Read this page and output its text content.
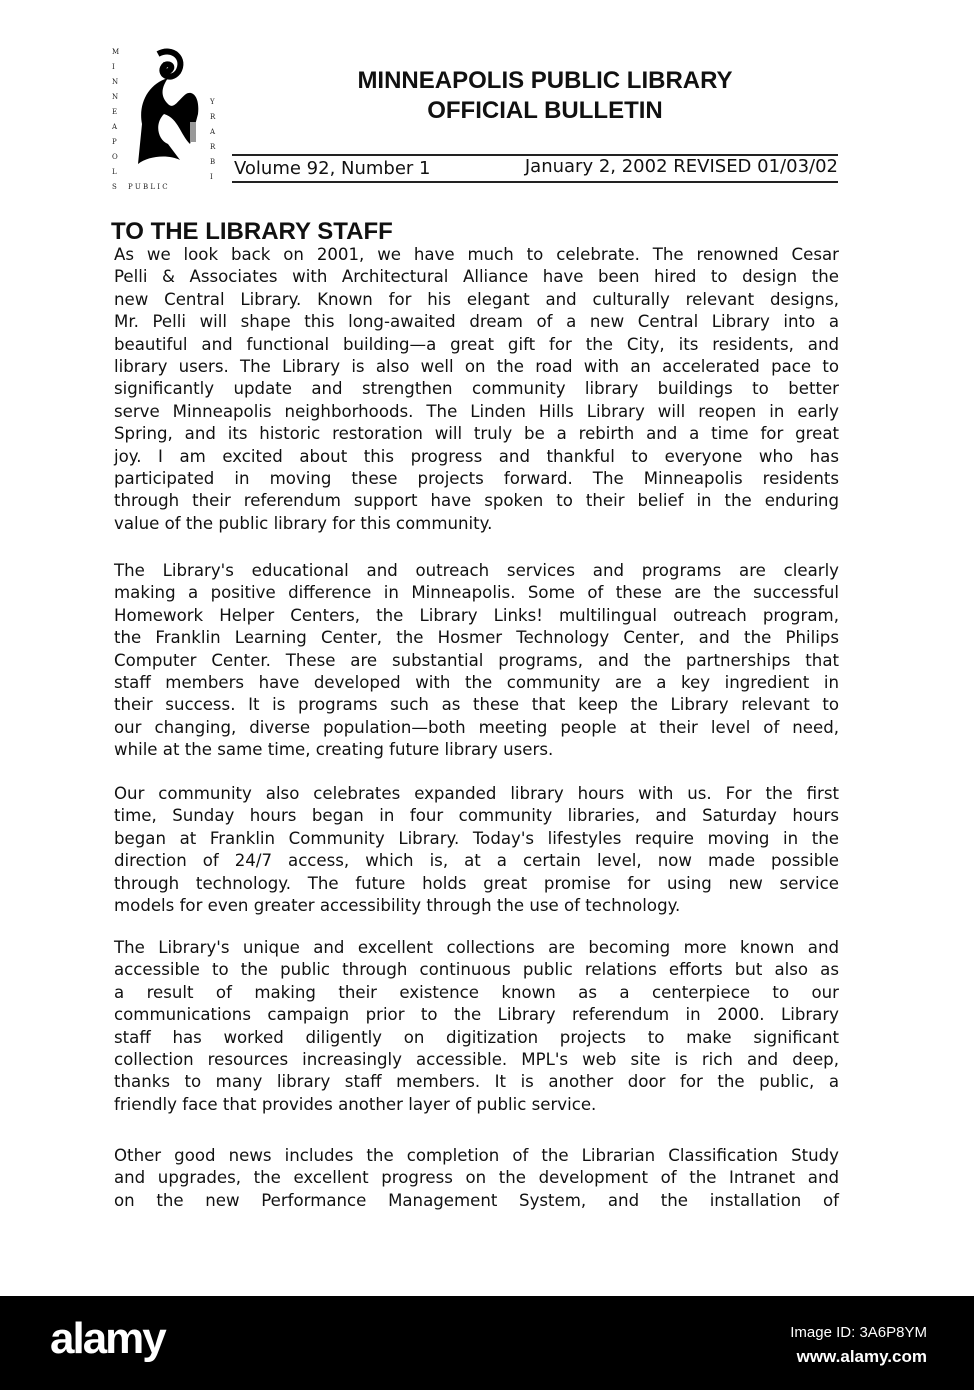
M
I
N
N
E
A
P
O
L
S P U B L I C
Y
R
A
R
B
I
MINNEAPOLIS PUBLIC LIBRARY
OFFICIAL BULLETIN
Volume 92, Number 1	January 2, 2002 REVISED 01/03/02
TO THE LIBRARY STAFF
As we look back on 2001, we have much to celebrate. The renowned Cesar
Pelli & Associates with Architectural Alliance have been hired to design the
new Central Library. Known for his elegant and culturally relevant designs,
Mr. Pelli will shape this long-awaited dream of a new Central Library into a
beautiful and functional building—a great gift for the City, its residents, and
library users. The Library is also well on the road with an accelerated pace to
significantly update and strengthen community library buildings to better
serve Minneapolis neighborhoods. The Linden Hills Library will reopen in early
Spring, and its historic restoration will truly be a rebirth and a time for great
joy. I am excited about this progress and thankful to everyone who has
participated in moving these projects forward. The Minneapolis residents
through their referendum support have spoken to their belief in the enduring
value of the public library for this community.
The Library's educational and outreach services and programs are clearly
making a positive difference in Minneapolis. Some of these are the successful
Homework Helper Centers, the Library Links! multilingual outreach program,
the Franklin Learning Center, the Hosmer Technology Center, and the Philips
Computer Center. These are substantial programs, and the partnerships that
staff members have developed with the community are a key ingredient in
their success. It is programs such as these that keep the Library relevant to
our changing, diverse population—both meeting people at their level of need,
while at the same time, creating future library users.
Our community also celebrates expanded library hours with us. For the first
time, Sunday hours began in four community libraries, and Saturday hours
began at Franklin Community Library. Today's lifestyles require moving in the
direction of 24/7 access, which is, at a certain level, now made possible
through technology. The future holds great promise for using new service
models for even greater accessibility through the use of technology.
The Library's unique and excellent collections are becoming more known and
accessible to the public through continuous public relations efforts but also as
a result of making their existence known as a centerpiece to our
communications campaign prior to the Library referendum in 2000. Library
staff has worked diligently on digitization projects to make significant
collection resources increasingly accessible. MPL's web site is rich and deep,
thanks to many library staff members. It is another door for the public, a
friendly face that provides another layer of public service.
Other good news includes the completion of the Librarian Classification Study
and upgrades, the excellent progress on the development of the Intranet and
on the new Performance Management System, and the installation of
alamy	Image ID: 3A6P8YM
www.alamy.com
